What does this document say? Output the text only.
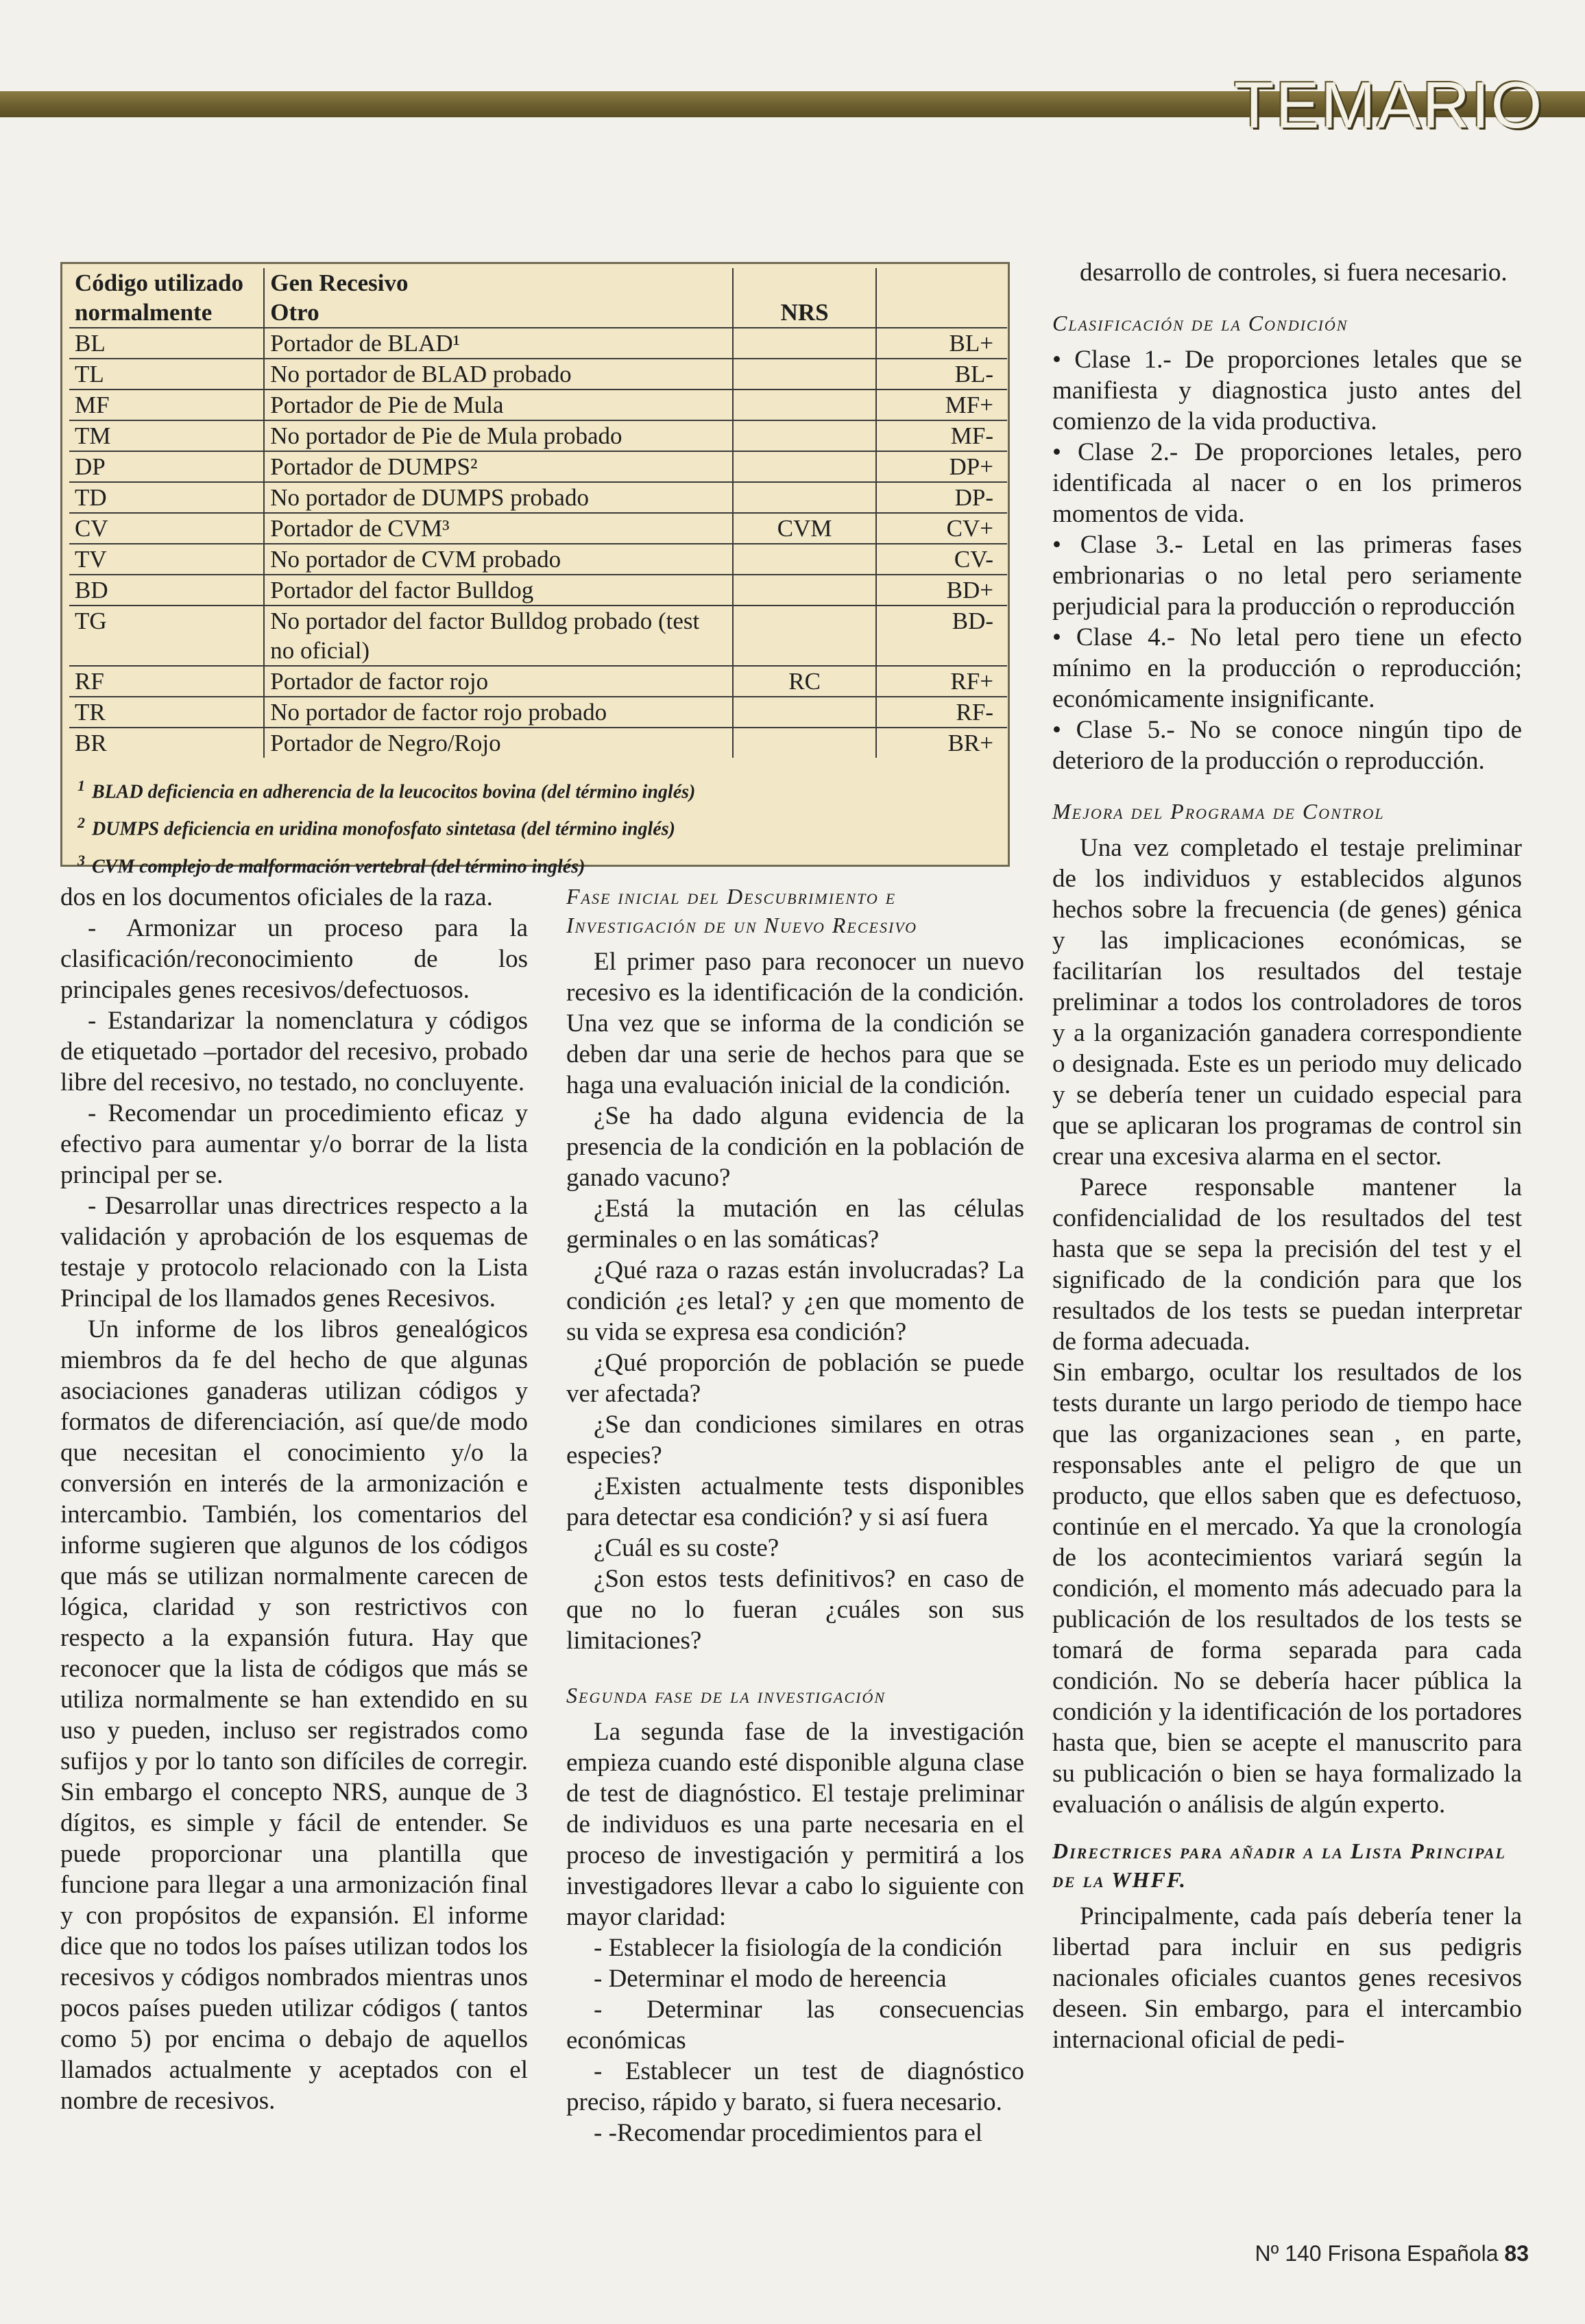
TEMARIO
Código utilizado	Gen Recesivo		
normalmente	Otro	NRS	
BL	Portador de BLAD¹		BL+
TL	No portador de BLAD probado		BL-
MF	Portador de Pie de Mula		MF+
TM	No portador de Pie de Mula probado		MF-
DP	Portador de DUMPS²		DP+
TD	No portador de DUMPS probado		DP-
CV	Portador de CVM³	CVM	CV+
TV	No portador de CVM probado		CV-
BD	Portador del factor Bulldog		BD+
TG	No portador del factor Bulldog probado (test no oficial)		BD-
RF	Portador de factor rojo	RC	RF+
TR	No portador de factor rojo probado		RF-
BR	Portador de Negro/Rojo		BR+
$^1$ BLAD deficiencia en adherencia de la leucocitos bovina (del término inglés)
$^2$ DUMPS deficiencia en uridina monofosfato sintetasa (del término inglés)
$^3$ CVM complejo de malformación vertebral (del término inglés)

dos en los documentos oficiales de la raza.

- Armonizar un proceso para la clasificación/reconocimiento de los principales genes recesivos/defectuosos.

- Estandarizar la nomenclatura y códigos de etiquetado –portador del recesivo, probado libre del recesivo, no testado, no concluyente.

- Recomendar un procedimiento eficaz y efectivo para aumentar y/o borrar de la lista principal per se.

- Desarrollar unas directrices respecto a la validación y aprobación de los esquemas de testaje y protocolo relacionado con la Lista Principal de los llamados genes Recesivos.

Un informe de los libros genealógicos miembros da fe del hecho de que algunas asociaciones ganaderas utilizan códigos y formatos de diferenciación, así que/de modo que necesitan el conocimiento y/o la conversión en interés de la armonización e intercambio. También, los comentarios del informe sugieren que algunos de los códigos que más se utilizan normalmente carecen de lógica, claridad y son restrictivos con respecto a la expansión futura. Hay que reconocer que la lista de códigos que más se utiliza normalmente se han extendido en su uso y pueden, incluso ser registrados como sufijos y por lo tanto son difíciles de corregir. Sin embargo el concepto NRS, aunque de 3 dígitos, es simple y fácil de entender. Se puede proporcionar una plantilla que funcione para llegar a una armonización final y con propósitos de expansión. El informe dice que no todos los países utilizan todos los recesivos y códigos nombrados mientras unos pocos países pueden utilizar códigos ( tantos como 5) por encima o debajo de aquellos llamados actualmente y aceptados con el nombre de recesivos.

Fase inicial del Descubrimiento e Investigación de un Nuevo Recesivo

El primer paso para reconocer un nuevo recesivo es la identificación de la condición. Una vez que se informa de la condición se deben dar una serie de hechos para que se haga una evaluación inicial de la condición.

¿Se ha dado alguna evidencia de la presencia de la condición en la población de ganado vacuno?

¿Está la mutación en las células germinales o en las somáticas?

¿Qué raza o razas están involucradas? La condición ¿es letal? y ¿en que momento de su vida se expresa esa condición?

¿Qué proporción de población se puede ver afectada?

¿Se dan condiciones similares en otras especies?

¿Existen actualmente tests disponibles para detectar esa condición? y si así fuera

¿Cuál es su coste?

¿Son estos tests definitivos? en caso de que no lo fueran ¿cuáles son sus limitaciones?

Segunda fase de la investigación

La segunda fase de la investigación empieza cuando esté disponible alguna clase de test de diagnóstico. El testaje preliminar de individuos es una parte necesaria en el proceso de investigación y permitirá a los investigadores llevar a cabo lo siguiente con mayor claridad:

- Establecer la fisiología de la condición

- Determinar el modo de hereencia

- Determinar las consecuencias económicas

- Establecer un test de diagnóstico preciso, rápido y barato, si fuera necesario.

- -Recomendar procedimientos para el

desarrollo de controles, si fuera necesario.

Clasificación de la Condición

• Clase 1.- De proporciones letales que se manifiesta y diagnostica justo antes del comienzo de la vida productiva.

• Clase 2.- De proporciones letales, pero identificada al nacer o en los primeros momentos de vida.

• Clase 3.- Letal en las primeras fases embrionarias o no letal pero seriamente perjudicial para la producción o reproducción

• Clase 4.- No letal pero tiene un efecto mínimo en la producción o reproducción; económicamente insignificante.

• Clase 5.- No se conoce ningún tipo de deterioro de la producción o reproducción.

Mejora del Programa de Control

Una vez completado el testaje preliminar de los individuos y establecidos algunos hechos sobre la frecuencia (de genes) génica y las implicaciones económicas, se facilitarían los resultados del testaje preliminar a todos los controladores de toros y a la organización ganadera correspondiente o designada. Este es un periodo muy delicado y se debería tener un cuidado especial para que se aplicaran los programas de control sin crear una excesiva alarma en el sector.

Parece responsable mantener la confidencialidad de los resultados del test hasta que se sepa la precisión del test y el significado de la condición para que los resultados de los tests se puedan interpretar de forma adecuada.

Sin embargo, ocultar los resultados de los tests durante un largo periodo de tiempo hace que las organizaciones sean , en parte, responsables ante el peligro de que un producto, que ellos saben que es defectuoso, continúe en el mercado. Ya que la cronología de los acontecimientos variará según la condición, el momento más adecuado para la publicación de los resultados de los tests se tomará de forma separada para cada condición. No se debería hacer pública la condición y la identificación de los portadores hasta que, bien se acepte el manuscrito para su publicación o bien se haya formalizado la evaluación o análisis de algún experto.

Directrices para añadir a la Lista Principal de la WHFF.

Principalmente, cada país debería tener la libertad para incluir en sus pedigris nacionales oficiales cuantos genes recesivos deseen. Sin embargo, para el intercambio internacional oficial de pedi-

Nº 140 Frisona Española 83
